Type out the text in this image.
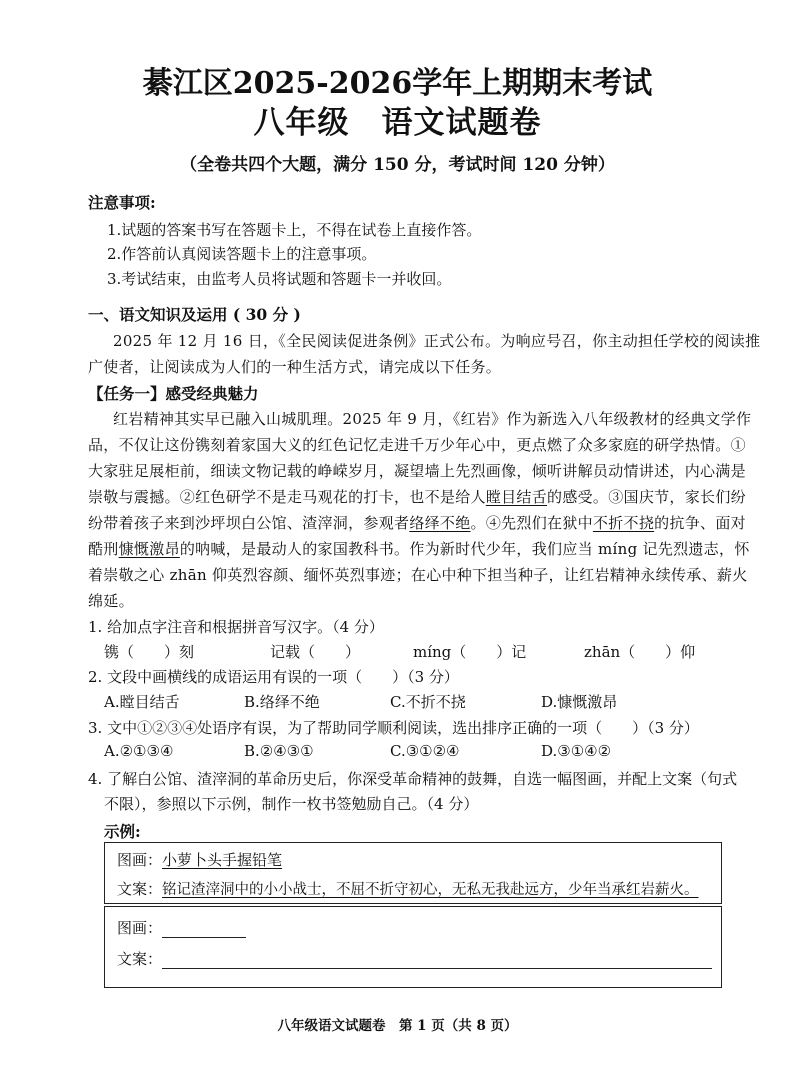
綦江区2025-2026学年上期期末考试
八年级　语文试题卷
（全卷共四个大题，满分 150 分，考试时间 120 分钟）
注意事项:
1.试题的答案书写在答题卡上，不得在试卷上直接作答。
2.作答前认真阅读答题卡上的注意事项。
3.考试结束，由监考人员将试题和答题卡一并收回。
一、语文知识及运用 ( 30 分 )
2025 年 12 月 16 日，《全民阅读促进条例》正式公布。为响应号召，你主动担任学校的阅读推
广使者，让阅读成为人们的一种生活方式，请完成以下任务。
【任务一】感受经典魅力
红岩精神其实早已融入山城肌理。2025 年 9 月，《红岩》作为新选入八年级教材的经典文学作
品，不仅让这份镌刻着家国大义的红色记忆走进千万少年心中，更点燃了众多家庭的研学热情。①
大家驻足展柜前，细读文物记载的峥嵘岁月，凝望墙上先烈画像，倾听讲解员动情讲述，内心满是
崇敬与震撼。②红色研学不是走马观花的打卡，也不是给人瞠目结舌的感受。③国庆节，家长们纷
纷带着孩子来到沙坪坝白公馆、渣滓洞，参观者络绎不绝。④先烈们在狱中不折不挠的抗争、面对
酷刑慷慨激昂的呐喊，是最动人的家国教科书。作为新时代少年，我们应当 míng 记先烈遗志，怀
着崇敬之心 zhān 仰英烈容颜、缅怀英烈事迹；在心中种下担当种子，让红岩精神永续传承、薪火
绵延。
1. 给加点字注音和根据拼音写汉字。（4 分）
镌（　　）刻	记载（　　）	míng（　　）记	zhān（　　）仰
2. 文段中画横线的成语运用有误的一项（　　）（3 分）
A.瞠目结舌	B.络绎不绝	C.不折不挠	D.慷慨激昂
3. 文中①②③④处语序有误，为了帮助同学顺利阅读，选出排序正确的一项（　　）（3 分）
A.②①③④	B.②④③①	C.③①②④	D.③①④②
4. 了解白公馆、渣滓洞的革命历史后，你深受革命精神的鼓舞，自选一幅图画，并配上文案（句式
不限），参照以下示例，制作一枚书签勉励自己。（4 分）
示例:
图画：小萝卜头手握铅笔
文案：铭记渣滓洞中的小小战士，不屈不折守初心，无私无我赴远方，少年当承红岩薪火。
图画：
文案：
八年级语文试题卷　第 1 页（共 8 页）
